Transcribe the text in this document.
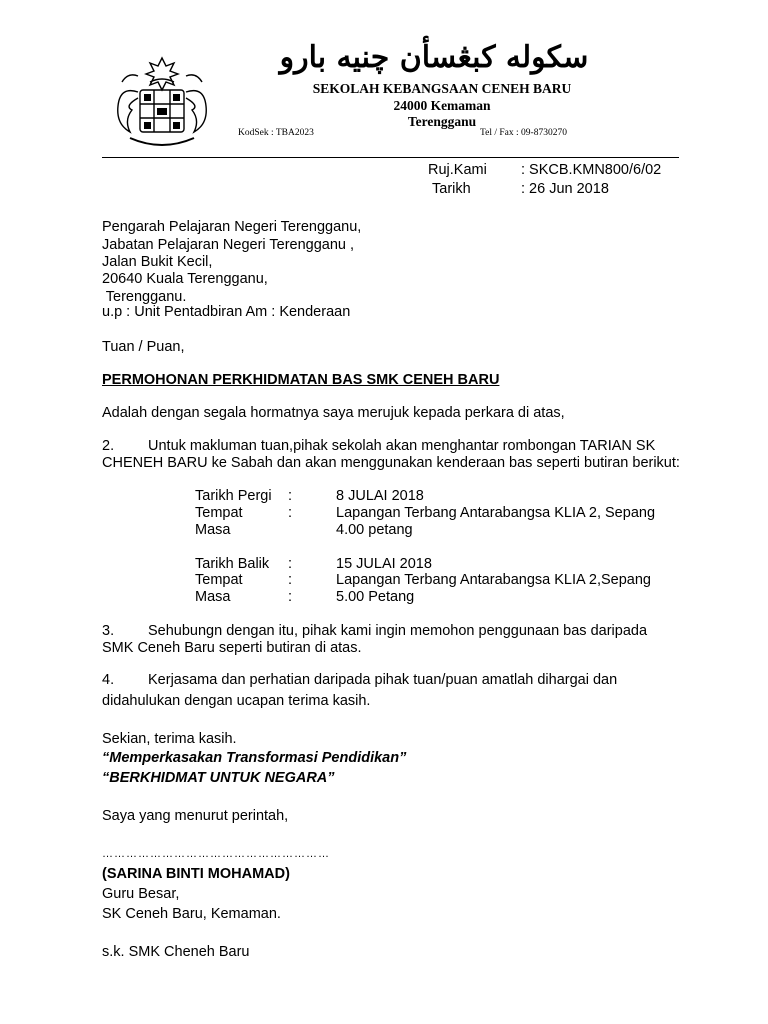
سكوله كبڠسأن چنيه بارو
SEKOLAH KEBANGSAAN CENEH BARU
24000 Kemaman
Terengganu
KodSek : TBA2023	Tel / Fax : 09-8730270
Ruj.Kami : SKCB.KMN800/6/02
Tarikh	: 26 Jun 2018
Pengarah Pelajaran Negeri Terengganu,
Jabatan Pelajaran Negeri Terengganu ,
Jalan Bukit Kecil,
20640 Kuala Terengganu,
Terengganu.
u.p : Unit Pentadbiran Am : Kenderaan
Tuan / Puan,
PERMOHONAN PERKHIDMATAN BAS SMK CENEH BARU
Adalah dengan segala hormatnya saya merujuk kepada perkara di atas,
2.	Untuk makluman tuan,pihak sekolah akan menghantar rombongan TARIAN SK CHENEH BARU ke Sabah dan akan menggunakan kenderaan bas seperti butiran berikut:
Tarikh Pergi :	8 JULAI 2018
Tempat	:	Lapangan Terbang Antarabangsa KLIA 2, Sepang
Masa	4.00 petang
Tarikh Balik :	15 JULAI 2018
Tempat	:	Lapangan Terbang Antarabangsa KLIA 2,Sepang
Masa	:	5.00 Petang
3.	Sehubungn dengan itu, pihak kami ingin memohon penggunaan bas daripada SMK Ceneh Baru seperti butiran di atas.
4. Kerjasama dan perhatian daripada pihak tuan/puan amatlah dihargai dan
didahulukan dengan ucapan terima kasih.
Sekian, terima kasih.
“Memperkasakan Transformasi Pendidikan”
“BERKHIDMAT UNTUK NEGARA”
Saya yang menurut perintah,
…………………………………………………
(SARINA BINTI MOHAMAD)
Guru Besar,
SK Ceneh Baru, Kemaman.
s.k. SMK Cheneh Baru
